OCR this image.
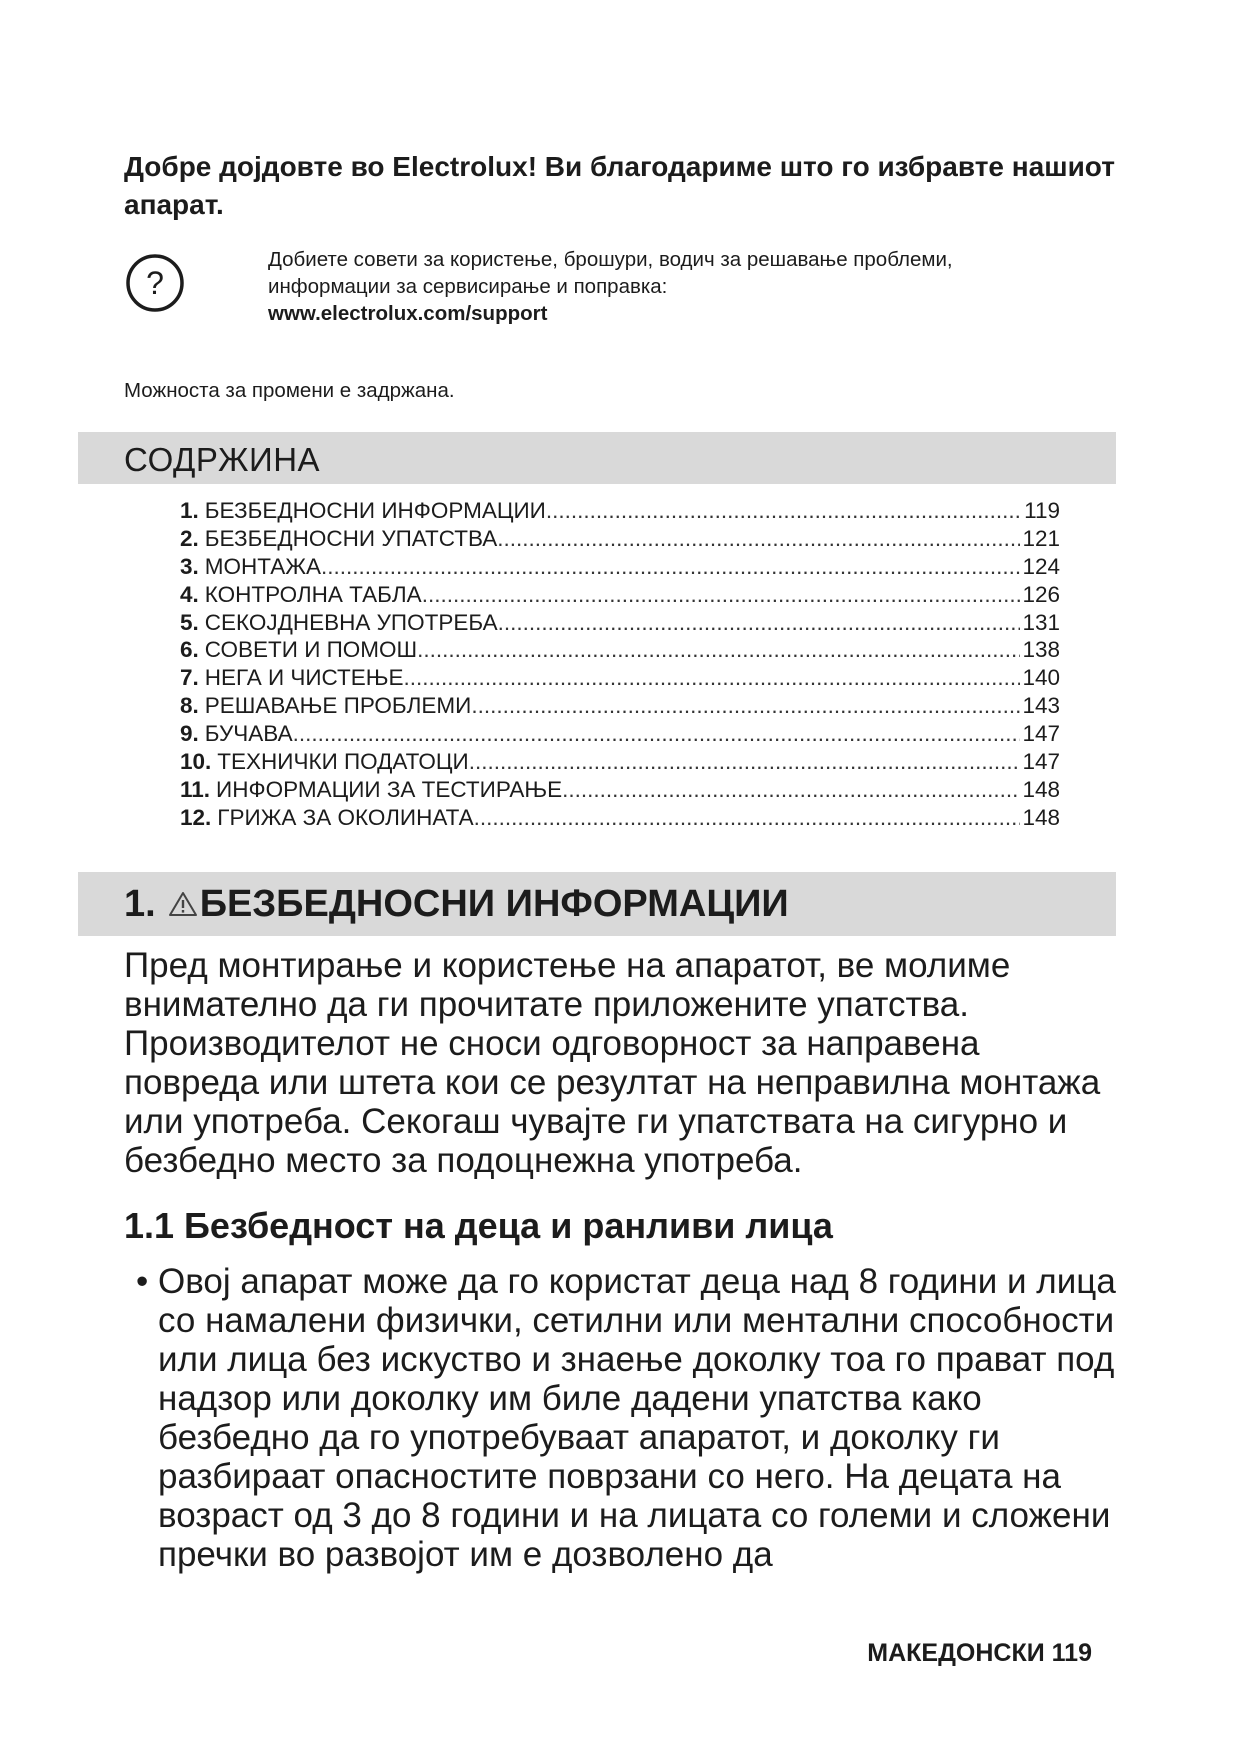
Добре дојдовте во Electrolux! Ви благодариме што го избравте нашиот апарат.
?
Добиете совети за користење, брошури, водич за решавање проблеми,
информации за сервисирање и поправка:
www.electrolux.com/support
Можноста за промени е задржана.
СОДРЖИНА
1. БЕЗБЕДНОСНИ ИНФОРМАЦИИ .....	119
2. БЕЗБЕДНОСНИ УПАТСТВА .....	121
3. МОНТАЖА .....	124
4. КОНТРОЛНА ТАБЛА .....	126
5. СЕКОЈДНЕВНА УПОТРЕБА .....	131
6. СОВЕТИ И ПОМОШ .....	138
7. НЕГА И ЧИСТЕЊЕ .....	140
8. РЕШАВАЊЕ ПРОБЛЕМИ .....	143
9. БУЧАВА .....	147
10. ТЕХНИЧКИ ПОДАТОЦИ .....	147
11. ИНФОРМАЦИИ ЗА ТЕСТИРАЊЕ .....	148
12. ГРИЖА ЗА ОКОЛИНАТА .....	148
1. БЕЗБЕДНОСНИ ИНФОРМАЦИИ

Пред монтирање и користење на апаратот, ве молиме внимателно да ги прочитате приложените упатства. Производителот не сноси одговорност за направена повреда или штета кои се резултат на неправилна монтажа или употреба. Секогаш чувајте ги упатствата на сигурно и безбедно место за подоцнежна употреба.

1.1 Безбедност на деца и ранливи лица
• Овој апарат може да го користат деца над 8 години и лица со намалени физички, сетилни или ментални способности или лица без искуство и знаење доколку тоа го прават под надзор или доколку им биле дадени упатства како безбедно да го употребуваат апаратот, и доколку ги разбираат опасностите поврзани со него. На децата на возраст од 3 до 8 години и на лицата со големи и сложени пречки во развојот им е дозволено да
МАКЕДОНСКИ 119
